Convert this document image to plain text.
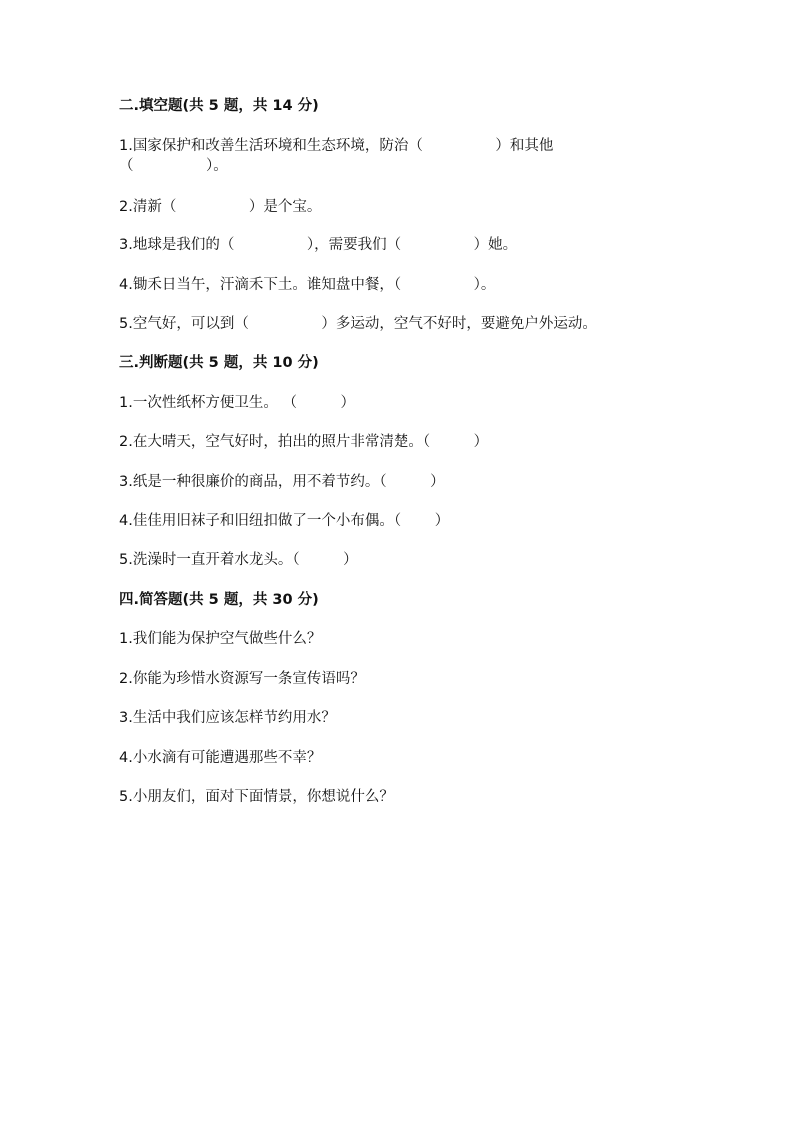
二.填空题(共 5 题，共 14 分)
1.国家保护和改善生活环境和生态环境，防治（　　　　　）和其他
（　　　　　）。
2.清新（　　　　　）是个宝。
3.地球是我们的（　　　　　），需要我们（　　　　　）她。
4.锄禾日当午，汗滴禾下土。谁知盘中餐，（　　　　　）。
5.空气好，可以到（　　　　　）多运动，空气不好时，要避免户外运动。
三.判断题(共 5 题，共 10 分)
1.一次性纸杯方便卫生。 （　　　）
2.在大晴天，空气好时，拍出的照片非常清楚。（　　　）
3.纸是一种很廉价的商品，用不着节约。（　　　）
4.佳佳用旧袜子和旧纽扣做了一个小布偶。（　　 ）
5.洗澡时一直开着水龙头。（　　　）
四.简答题(共 5 题，共 30 分)
1.我们能为保护空气做些什么？
2.你能为珍惜水资源写一条宣传语吗？
3.生活中我们应该怎样节约用水？
4.小水滴有可能遭遇那些不幸？
5.小朋友们，面对下面情景，你想说什么？
